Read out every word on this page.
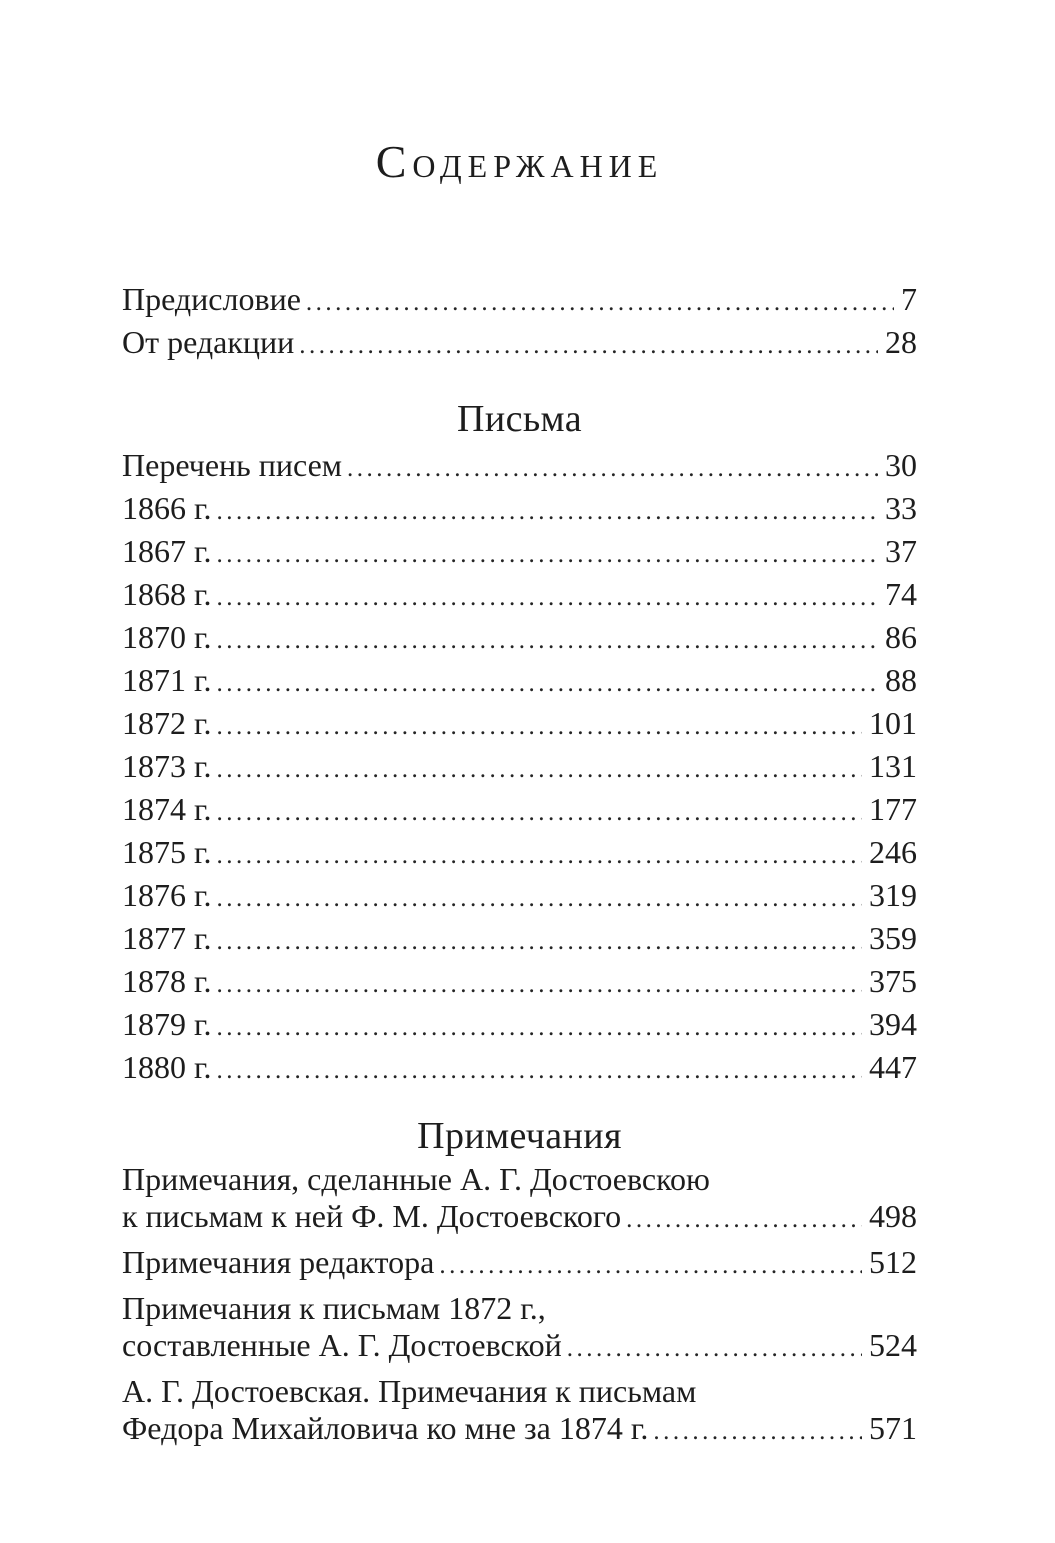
Содержание
Предисловие .....	7
От редакции .....	28
Письма
Перечень писем .....	30
1866 г. .....	33
1867 г. .....	37
1868 г. .....	74
1870 г. .....	86
1871 г. .....	88
1872 г. .....	101
1873 г. .....	131
1874 г. .....	177
1875 г. .....	246
1876 г. .....	319
1877 г. .....	359
1878 г. .....	375
1879 г. .....	394
1880 г. .....	447
Примечания
Примечания, сделанные А. Г. Достоевскою
к письмам к ней Ф. М. Достоевского .....	498
Примечания редактора .....	512
Примечания к письмам 1872 г.,
составленные А. Г. Достоевской .....	524
А. Г. Достоевская. Примечания к письмам
Федора Михайловича ко мне за 1874 г. .....	571
